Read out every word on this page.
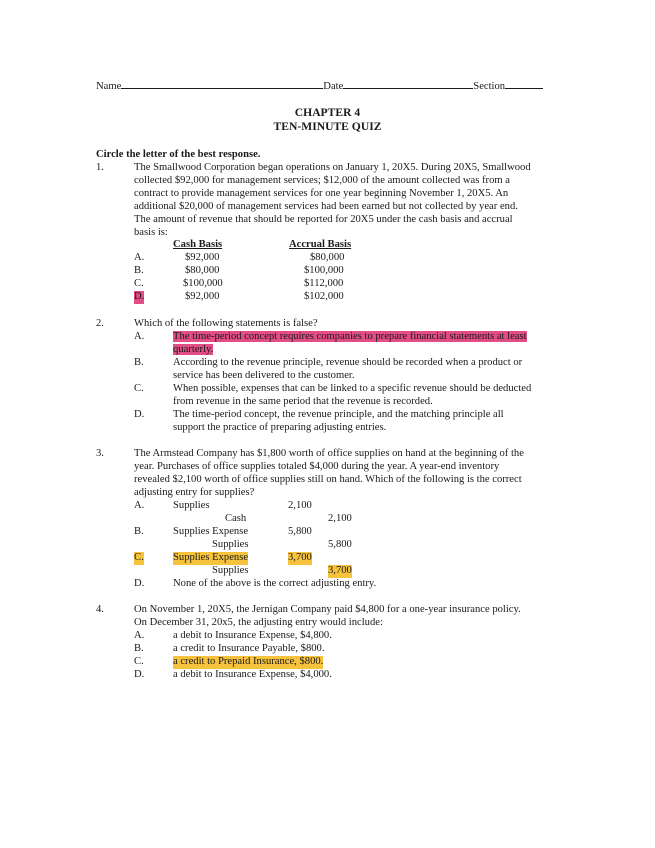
Name	Date	Section
CHAPTER 4
TEN-MINUTE QUIZ
Circle the letter of the best response.
1.	The Smallwood Corporation began operations on January 1, 20X5. During 20X5, Smallwood
collected $92,000 for management services; $12,000 of the amount collected was from a
contract to provide management services for one year beginning November 1, 20X5. An
additional $20,000 of management services had been earned but not collected by year end.
The amount of revenue that should be reported for 20X5 under the cash basis and accrual
basis is:
Cash Basis	Accrual Basis
A.	$92,000	$80,000
B.	$80,000	$100,000
C.	$100,000	$112,000
D.	$92,000	$102,000
2.	Which of the following statements is false?
A.	The time-period concept requires companies to prepare financial statements at least
quarterly.
B.	According to the revenue principle, revenue should be recorded when a product or
service has been delivered to the customer.
C.	When possible, expenses that can be linked to a specific revenue should be deducted
from revenue in the same period that the revenue is recorded.
D.	The time-period concept, the revenue principle, and the matching principle all
support the practice of preparing adjusting entries.
3.	The Armstead Company has $1,800 worth of office supplies on hand at the beginning of the
year. Purchases of office supplies totaled $4,000 during the year. A year-end inventory
revealed $2,100 worth of office supplies still on hand. Which of the following is the correct
adjusting entry for supplies?
A.	Supplies	2,100
Cash	2,100
B.	Supplies Expense	5,800
Supplies	5,800
C.	Supplies Expense	3,700
Supplies	3,700
D.	None of the above is the correct adjusting entry.
4.	On November 1, 20X5, the Jernigan Company paid $4,800 for a one-year insurance policy.
On December 31, 20x5, the adjusting entry would include:
A.	a debit to Insurance Expense, $4,800.
B.	a credit to Insurance Payable, $800.
C.	a credit to Prepaid Insurance, $800.
D.	a debit to Insurance Expense, $4,000.
